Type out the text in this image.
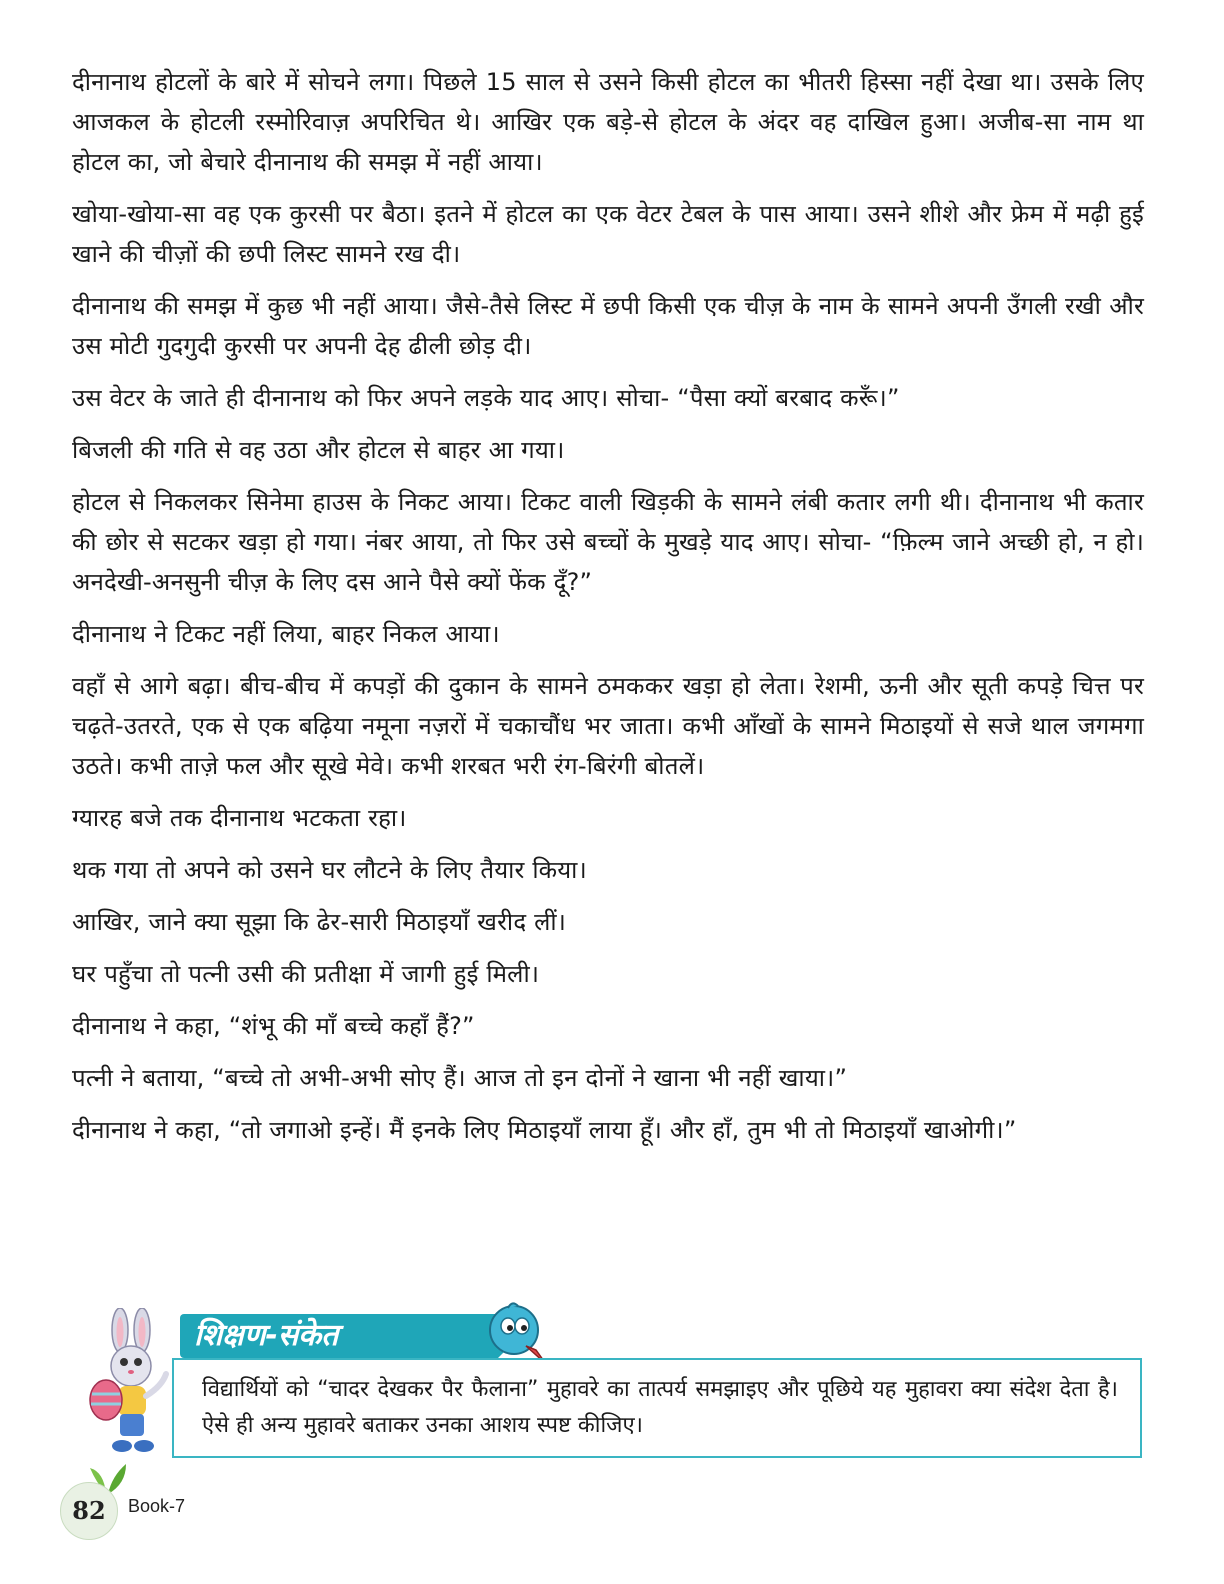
दीनानाथ होटलों के बारे में सोचने लगा। पिछले 15 साल से उसने किसी होटल का भीतरी हिस्सा नहीं देखा था। उसके लिए आजकल के होटली रस्मोरिवाज़ अपरिचित थे। आखिर एक बड़े-से होटल के अंदर वह दाखिल हुआ। अजीब-सा नाम था होटल का, जो बेचारे दीनानाथ की समझ में नहीं आया।

खोया-खोया-सा वह एक कुरसी पर बैठा। इतने में होटल का एक वेटर टेबल के पास आया। उसने शीशे और फ्रेम में मढ़ी हुई खाने की चीज़ों की छपी लिस्ट सामने रख दी।

दीनानाथ की समझ में कुछ भी नहीं आया। जैसे-तैसे लिस्ट में छपी किसी एक चीज़ के नाम के सामने अपनी उँगली रखी और उस मोटी गुदगुदी कुरसी पर अपनी देह ढीली छोड़ दी।

उस वेटर के जाते ही दीनानाथ को फिर अपने लड़के याद आए। सोचा- “पैसा क्यों बरबाद करूँ।”

बिजली की गति से वह उठा और होटल से बाहर आ गया।

होटल से निकलकर सिनेमा हाउस के निकट आया। टिकट वाली खिड़की के सामने लंबी कतार लगी थी। दीनानाथ भी कतार की छोर से सटकर खड़ा हो गया। नंबर आया, तो फिर उसे बच्चों के मुखड़े याद आए। सोचा- “फ़िल्म जाने अच्छी हो, न हो। अनदेखी-अनसुनी चीज़ के लिए दस आने पैसे क्यों फेंक दूँ?”

दीनानाथ ने टिकट नहीं लिया, बाहर निकल आया।

वहाँ से आगे बढ़ा। बीच-बीच में कपड़ों की दुकान के सामने ठमककर खड़ा हो लेता। रेशमी, ऊनी और सूती कपड़े चित्त पर चढ़ते-उतरते, एक से एक बढ़िया नमूना नज़रों में चकाचौंध भर जाता। कभी आँखों के सामने मिठाइयों से सजे थाल जगमगा उठते। कभी ताज़े फल और सूखे मेवे। कभी शरबत भरी रंग-बिरंगी बोतलें।

ग्यारह बजे तक दीनानाथ भटकता रहा।

थक गया तो अपने को उसने घर लौटने के लिए तैयार किया।

आखिर, जाने क्या सूझा कि ढेर-सारी मिठाइयाँ खरीद लीं।

घर पहुँचा तो पत्नी उसी की प्रतीक्षा में जागी हुई मिली।

दीनानाथ ने कहा, “शंभू की माँ बच्चे कहाँ हैं?”

पत्नी ने बताया, “बच्चे तो अभी-अभी सोए हैं। आज तो इन दोनों ने खाना भी नहीं खाया।”

दीनानाथ ने कहा, “तो जगाओ इन्हें। मैं इनके लिए मिठाइयाँ लाया हूँ। और हाँ, तुम भी तो मिठाइयाँ खाओगी।”

शिक्षण-संकेत

विद्यार्थियों को “चादर देखकर पैर फैलाना” मुहावरे का तात्पर्य समझाइए और पूछिये यह मुहावरा क्या संदेश देता है। ऐसे ही अन्य मुहावरे बताकर उनका आशय स्पष्ट कीजिए।

82	Book-7
